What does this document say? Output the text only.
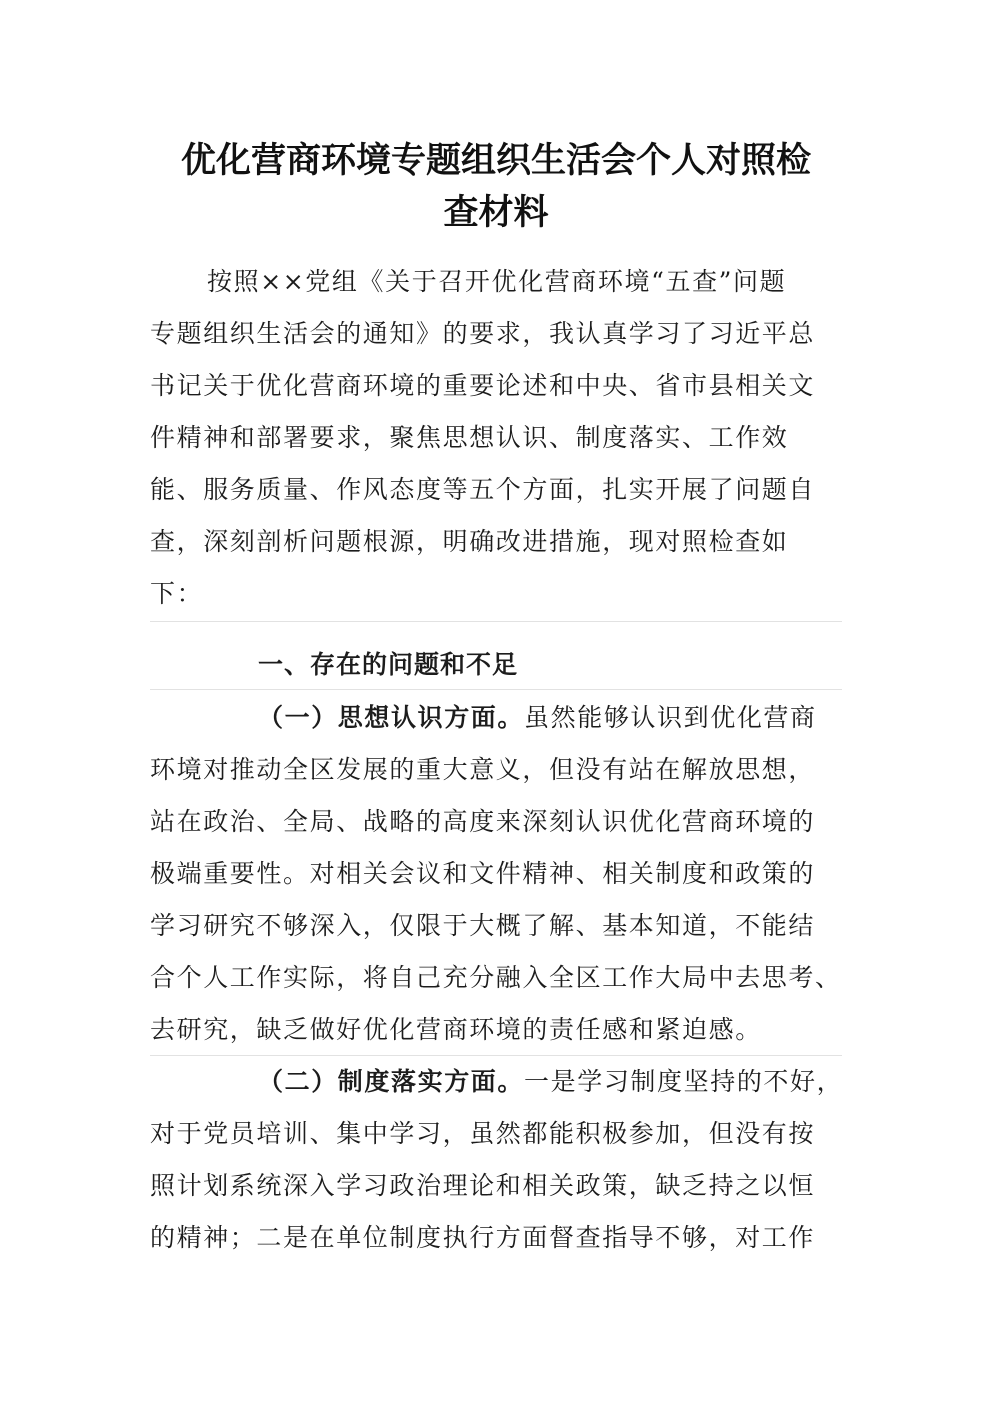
优化营商环境专题组织生活会个人对照检
查材料
按照××党组《关于召开优化营商环境“五查”问题
专题组织生活会的通知》的要求，我认真学习了习近平总
书记关于优化营商环境的重要论述和中央、省市县相关文
件精神和部署要求，聚焦思想认识、制度落实、工作效
能、服务质量、作风态度等五个方面，扎实开展了问题自
查，深刻剖析问题根源，明确改进措施，现对照检查如
下：
一、存在的问题和不足
（一）思想认识方面。虽然能够认识到优化营商
环境对推动全区发展的重大意义，但没有站在解放思想，
站在政治、全局、战略的高度来深刻认识优化营商环境的
极端重要性。对相关会议和文件精神、相关制度和政策的
学习研究不够深入，仅限于大概了解、基本知道，不能结
合个人工作实际，将自己充分融入全区工作大局中去思考、
去研究，缺乏做好优化营商环境的责任感和紧迫感。
（二）制度落实方面。一是学习制度坚持的不好，
对于党员培训、集中学习，虽然都能积极参加，但没有按
照计划系统深入学习政治理论和相关政策，缺乏持之以恒
的精神；二是在单位制度执行方面督查指导不够，对工作
